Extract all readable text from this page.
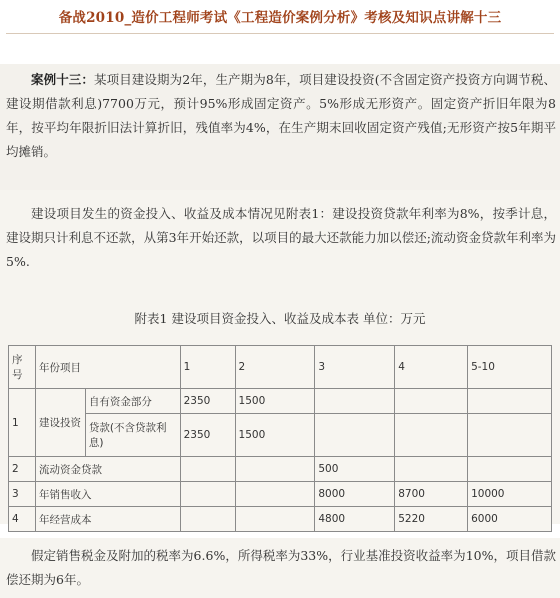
备战2010_造价工程师考试《工程造价案例分析》考核及知识点讲解十三

案例十三：某项目建设期为2年，生产期为8年，项目建设投资(不含固定资产投资方向调节税、建设期借款利息)7700万元，预计95%形成固定资产。5%形成无形资产。固定资产折旧年限为8年，按平均年限折旧法计算折旧，残值率为4%，在生产期末回收固定资产残值;无形资产按5年期平均摊销。

建设项目发生的资金投入、收益及成本情况见附表1：建设投资贷款年利率为8%，按季计息，建设期只计利息不还款，从第3年开始还款，以项目的最大还款能力加以偿还;流动资金贷款年利率为5%.

附表1 建设项目资金投入、收益及成本表 单位：万元
序号	年份项目		1	2	3	4	5-10
1	建设投资	自有资金部分	2350	1500			
		贷款(不含贷款利息)	2350	1500			
2	流动资金贷款				500		
3	年销售收入				8000	8700	10000
4	年经营成本				4800	5220	6000

假定销售税金及附加的税率为6.6%，所得税率为33%，行业基准投资收益率为10%，项目借款偿还期为6年。
